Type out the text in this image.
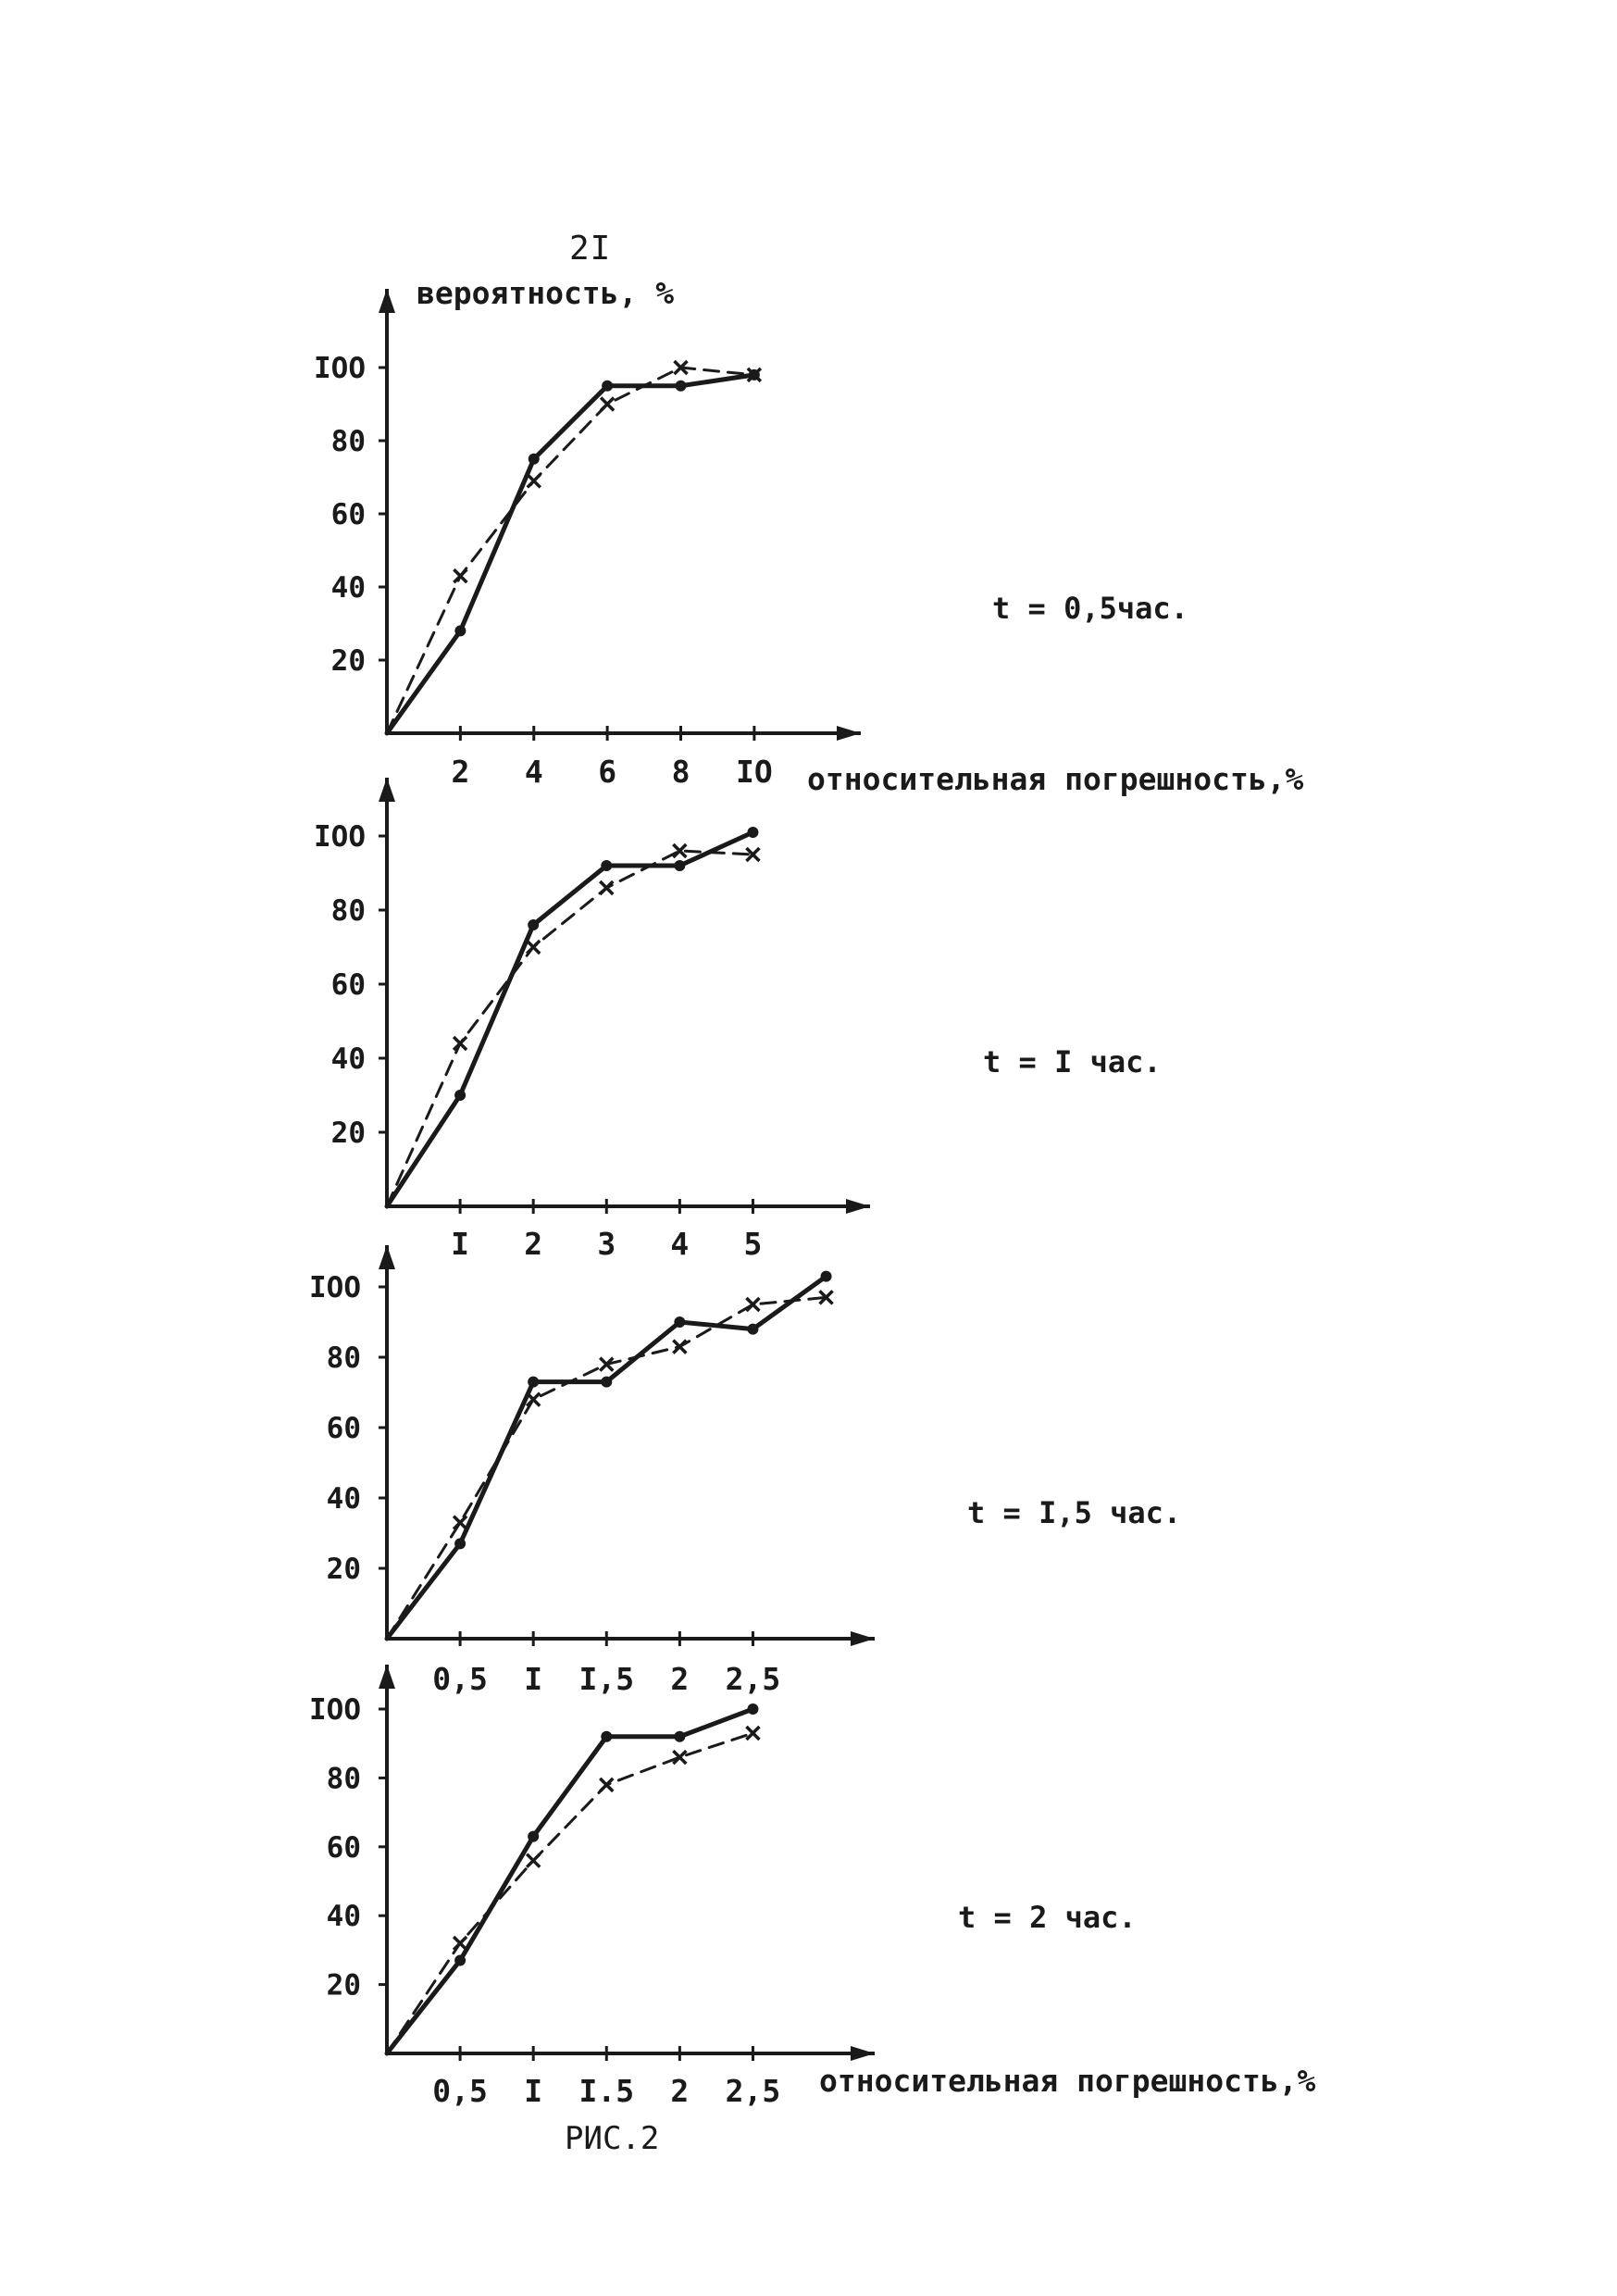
2I
вероятность, %
20
40
60
80
IOO
2 4 6 8 IO
20
40
60
80
IOO
I 2 3 4 5
20
40
60
80
IOO
0,5 I I,5 2 2,5
20
40
60
80
IOO
0,5 I I.5 2 2,5
t = 0,5час.
t = I час.
t = I,5 час.
t = 2 час.
относительная погрешность,%
относительная погрешность,%
РИС.2
